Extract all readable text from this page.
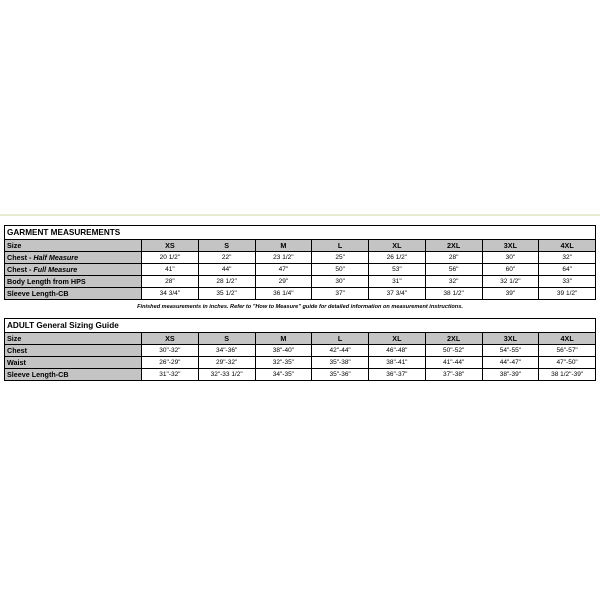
GARMENT MEASUREMENTS								
Size	XS	S	M	L	XL	2XL	3XL	4XL
Chest - Half Measure	20 1/2"	22"	23 1/2"	25"	26 1/2"	28"	30"	32"
Chest - Full Measure	41"	44"	47"	50"	53"	56"	60"	64"
Body Length from HPS	28"	28 1/2"	29"	30"	31"	32"	32 1/2"	33"
Sleeve Length-CB	34 3/4"	35 1/2"	36 1/4"	37"	37 3/4"	38 1/2"	39"	39 1/2"
Finished measurements in inches. Refer to "How to Measure" guide for detailed information on measurement instructions.
ADULT General Sizing Guide								
Size	XS	S	M	L	XL	2XL	3XL	4XL
Chest	30"-32"	34"-36"	38"-40"	42"-44"	46"-48"	50"-52"	54"-55"	56"-57"
Waist	26"-29"	29"-32"	32"-35"	35"-38"	38"-41"	41"-44"	44"-47"	47"-50"
Sleeve Length-CB	31"-32"	32"-33 1/2"	34"-35"	35"-36"	36"-37"	37"-38"	38"-39"	38 1/2"-39"
